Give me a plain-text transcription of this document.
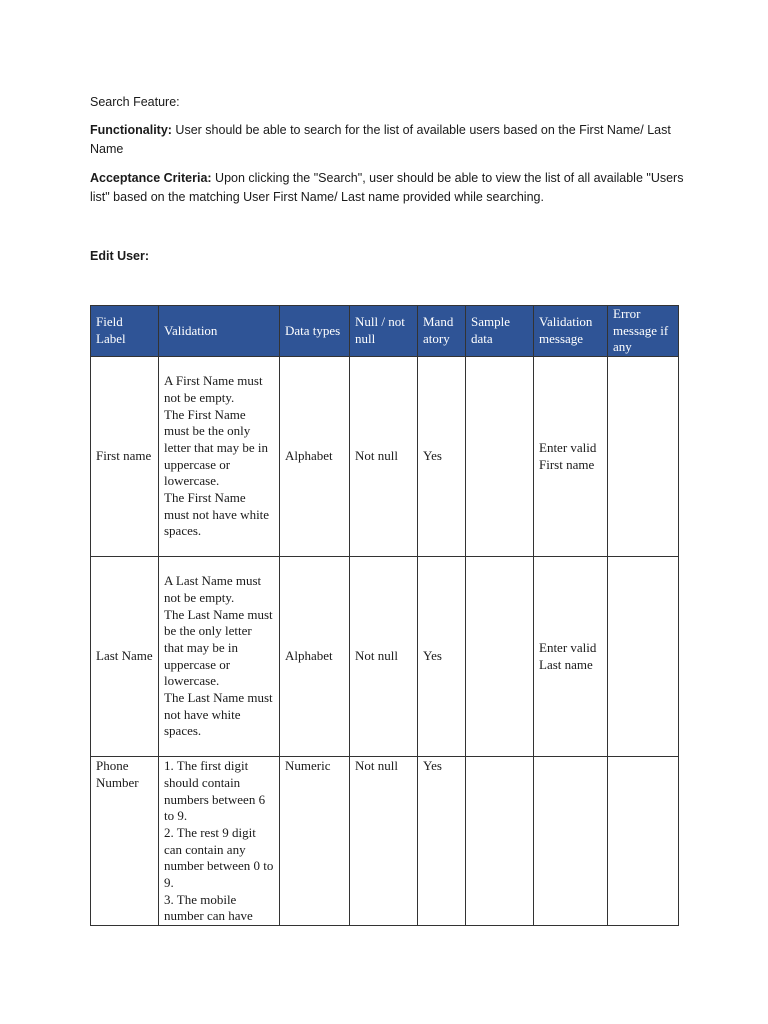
Search Feature:

Functionality: User should be able to search for the list of available users based on the First Name/ Last Name

Acceptance Criteria: Upon clicking the "Search", user should be able to view the list of all available "Users list" based on the matching User First Name/ Last name provided while searching.

Edit User:

Field Label	Validation	Data types	Null / not null	Mand atory	Sample data	Validation message	Error message if any
First name	A First Name must not be empty.
The First Name must be the only letter that may be in uppercase or lowercase.
The First Name must not have white spaces.	Alphabet	Not null	Yes		Enter valid First name	
Last Name	A Last Name must not be empty.
The Last Name must be the only letter that may be in uppercase or lowercase.
The Last Name must not have white spaces.	Alphabet	Not null	Yes		Enter valid Last name	
Phone Number	1. The first digit should contain numbers between 6 to 9.
2. The rest 9 digit can contain any number between 0 to 9.
3. The mobile number can have	Numeric	Not null	Yes			
